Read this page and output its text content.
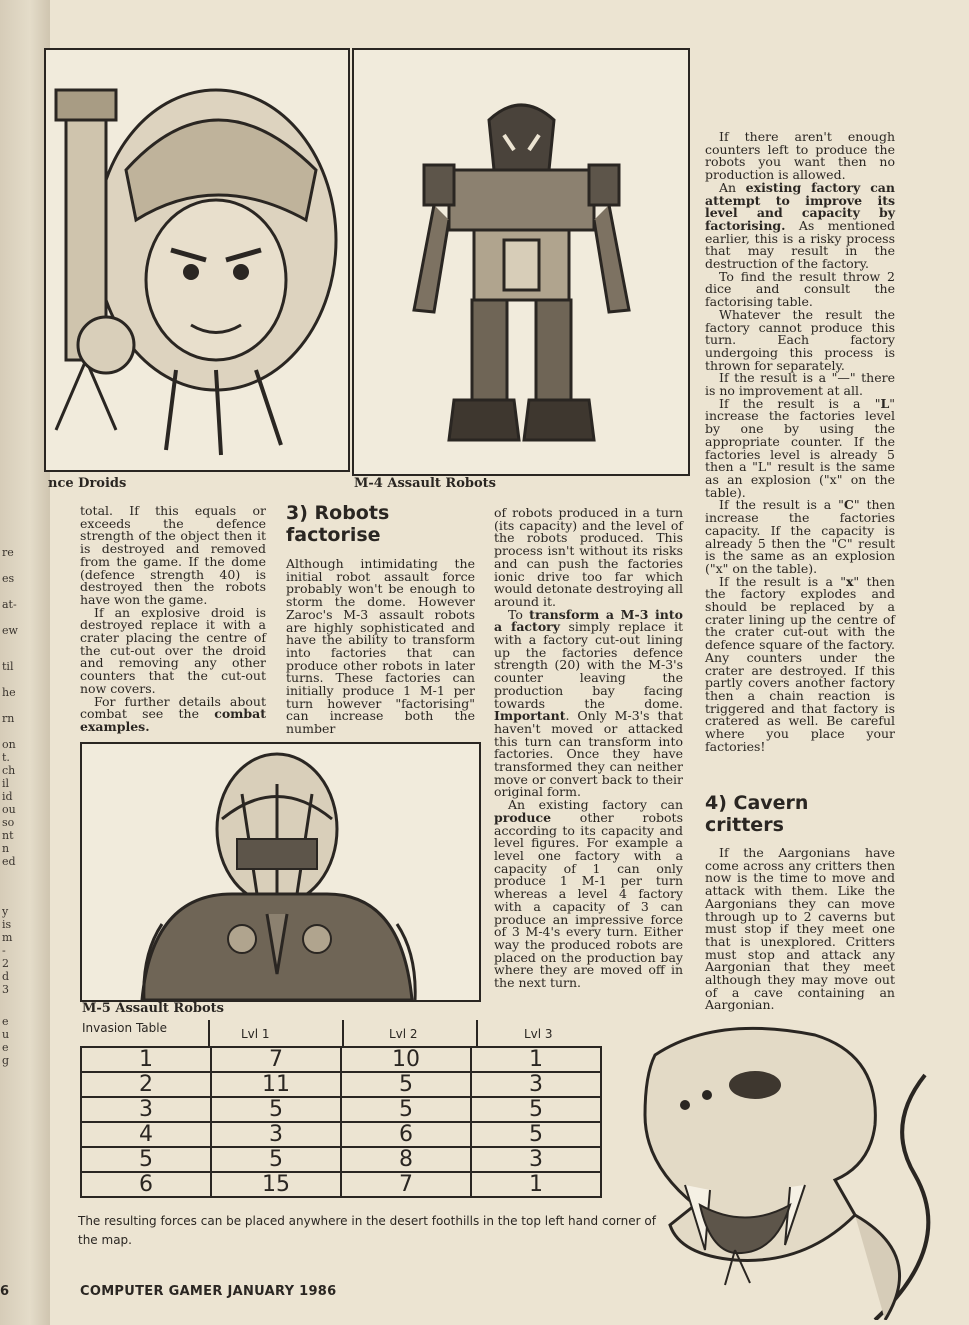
re
es
at-
ew
til
he
rn
on
t.
ch
il
id
ou
so
nt
n
ed
y
is
m
-
2
d
3
e
u
e
g
nce Droids	M-4 Assault Robots

total. If this equals or exceeds the defence strength of the object then it is destroyed and removed from the game. If the dome (defence strength 40) is destroyed then the robots have won the game.

If an explosive droid is destroyed replace it with a crater placing the centre of the cut-out over the droid and removing any other counters that the cut-out now covers.

For further details about combat see the combat examples.

3) Robots
factorise

Although intimidating the initial robot assault force probably won't be enough to storm the dome. However Zaroc's M-3 assault robots are highly sophisticated and have the ability to transform into factories that can produce other robots in later turns. These factories can initially produce 1 M-1 per turn however "factorising" can increase both the number

M-5 Assault Robots

of robots produced in a turn (its capacity) and the level of the robots produced. This process isn't without its risks and can push the factories ionic drive too far which would detonate destroying all around it.

To transform a M-3 into a factory simply replace it with a factory cut-out lining up the factories defence strength (20) with the M-3's counter leaving the production bay facing towards the dome. Important. Only M-3's that haven't moved or attacked this turn can transform into factories. Once they have transformed they can neither move or convert back to their original form.

An existing factory can produce other robots according to its capacity and level figures. For example a level one factory with a capacity of 1 can only produce 1 M-1 per turn whereas a level 4 factory with a capacity of 3 can produce an impressive force of 3 M-4's every turn. Either way the produced robots are placed on the production bay where they are moved off in the next turn.

If there aren't enough counters left to produce the robots you want then no production is allowed.

An existing factory can attempt to improve its level and capacity by factorising. As mentioned earlier, this is a risky process that may result in the destruction of the factory.

To find the result throw 2 dice and consult the factorising table.

Whatever the result the factory cannot produce this turn. Each factory undergoing this process is thrown for separately.

If the result is a "—" there is no improvement at all.

If the result is a "L" increase the factories level by one by using the appropriate counter. If the factories level is already 5 then a "L" result is the same as an explosion ("x" on the table).

If the result is a "C" then increase the factories capacity. If the capacity is already 5 then the "C" result is the same as an explosion ("x" on the table).

If the result is a "x" then the factory explodes and should be replaced by a crater lining up the centre of the crater cut-out with the defence square of the factory. Any counters under the crater are destroyed. If this partly covers another factory then a chain reaction is triggered and that factory is cratered as well. Be careful where you place your factories!

4) Cavern
critters

If the Aargonians have come across any critters then now is the time to move and attack with them. Like the Aargonians they can move through up to 2 caverns but must stop if they meet one that is unexplored. Critters must stop and attack any Aargonian that they meet although they may move out of a cave containing an Aargonian.

Invasion Table	Lvl 1	Lvl 2	Lvl 3
1	7	10	1
2	11	5	3
3	5	5	5
4	3	6	5
5	5	8	3
6	15	7	1
The resulting forces can be placed anywhere in the desert foothills in the top left hand corner of the map.
6	COMPUTER GAMER JANUARY 1986
